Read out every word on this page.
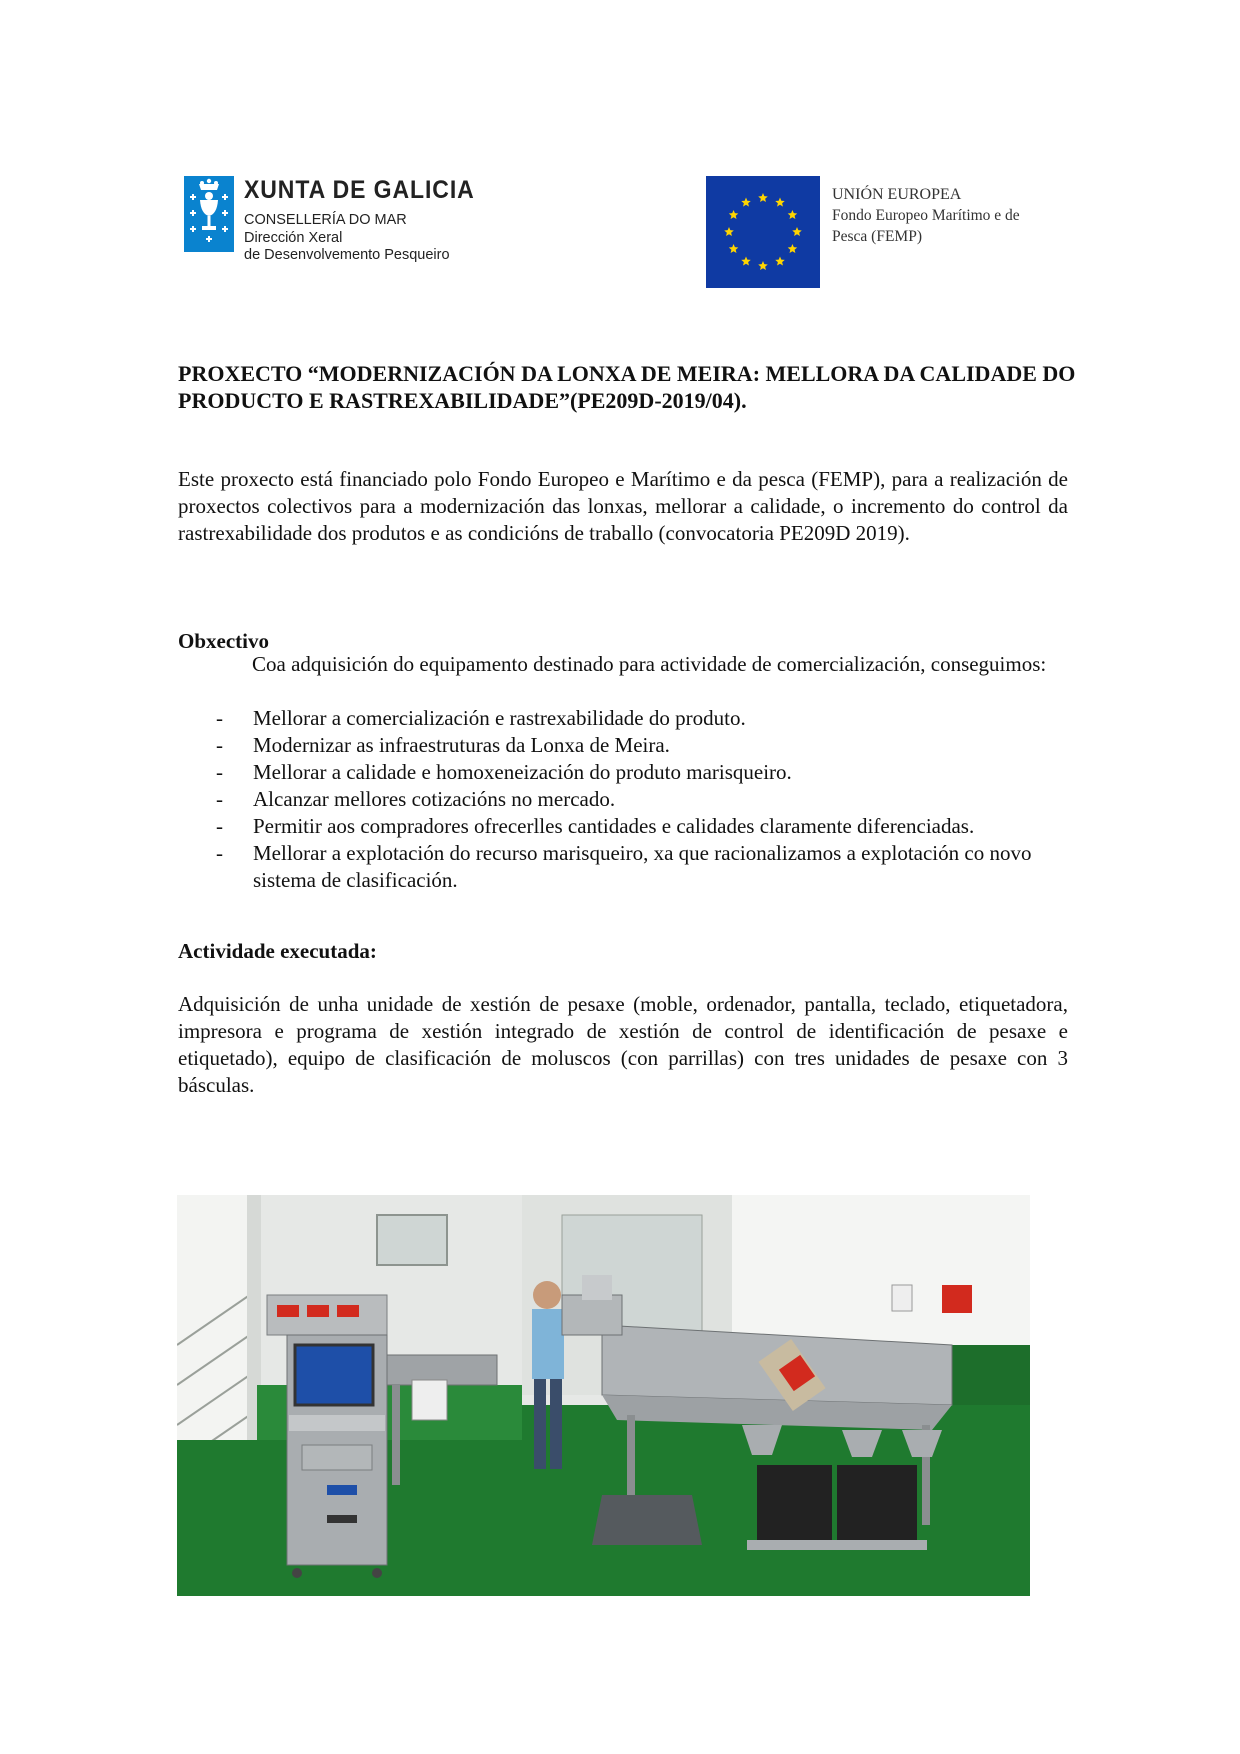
XUNTA DE GALICIA
CONSELLERÍA DO MAR
Dirección Xeral
de Desenvolvemento Pesqueiro
UNIÓN EUROPEA
Fondo Europeo Marítimo e de
Pesca (FEMP)
PROXECTO “MODERNIZACIÓN DA LONXA DE MEIRA: MELLORA DA CALIDADE DO PRODUCTO E RASTREXABILIDADE”(PE209D-2019/04).

Este proxecto está financiado polo Fondo Europeo e Marítimo e da pesca (FEMP), para a realización de proxectos colectivos para a modernización das lonxas, mellorar a calidade, o incremento do control da rastrexabilidade dos produtos e as condicións de traballo (convocatoria PE209D 2019).

Obxectivo

Coa adquisición do equipamento destinado para actividade de comercialización, conseguimos:

- Mellorar a comercialización e rastrexabilidade do produto.
- Modernizar as infraestruturas da Lonxa de Meira.
- Mellorar a calidade e homoxeneización do produto marisqueiro.
- Alcanzar mellores cotizacións no mercado.
- Permitir aos compradores ofrecerlles cantidades e calidades claramente diferenciadas.
- Mellorar a explotación do recurso marisqueiro, xa que racionalizamos a explotación co novo sistema de clasificación.
Actividade executada:

Adquisición de unha unidade de xestión de pesaxe (moble, ordenador, pantalla, teclado, etiquetadora, impresora e programa de xestión integrado de xestión de control de identificación de pesaxe e etiquetado), equipo de clasificación de moluscos (con parrillas) con tres unidades de pesaxe con 3 básculas.
